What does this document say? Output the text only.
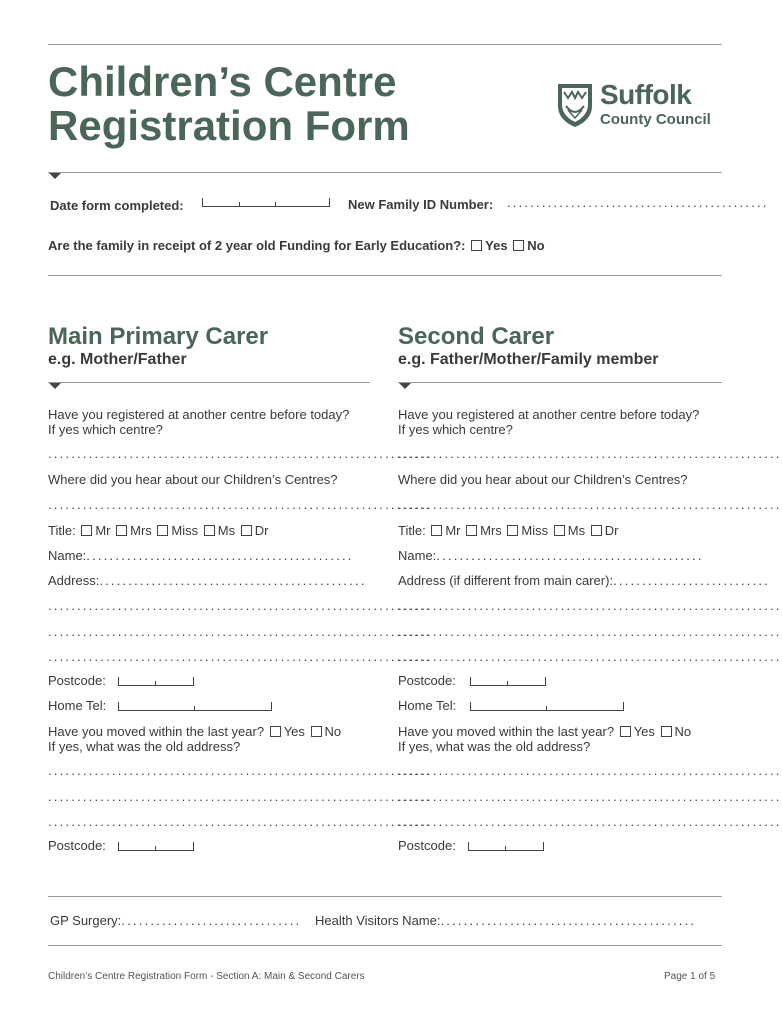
Children’s Centre
Registration Form
Suffolk
County Council
Date form completed:	New Family ID Number: .............................................
Are the family in receipt of 2 year old Funding for Early Education?: Yes No
Main Primary Carer
e.g. Mother/Father
Have you registered at another centre before today?
If yes which centre?
..................................................................
Where did you hear about our Children’s Centres?
..................................................................
Title: Mr Mrs Miss Ms Dr
Name:..............................................
Address:..............................................
..................................................................
..................................................................
..................................................................
Postcode:
Home Tel:
Have you moved within the last year? Yes No
If yes, what was the old address?
..................................................................
..................................................................
..................................................................
Postcode:
Second Carer
e.g. Father/Mother/Family member
Have you registered at another centre before today?
If yes which centre?
..................................................................
Where did you hear about our Children’s Centres?
..................................................................
Title: Mr Mrs Miss Ms Dr
Name:..............................................
Address (if different from main carer):...........................
..................................................................
..................................................................
..................................................................
Postcode:
Home Tel:
Have you moved within the last year? Yes No
If yes, what was the old address?
..................................................................
..................................................................
..................................................................
Postcode:
GP Surgery:...............................	Health Visitors Name:............................................
Children’s Centre Registration Form - Section A: Main & Second Carers	Page 1 of 5
